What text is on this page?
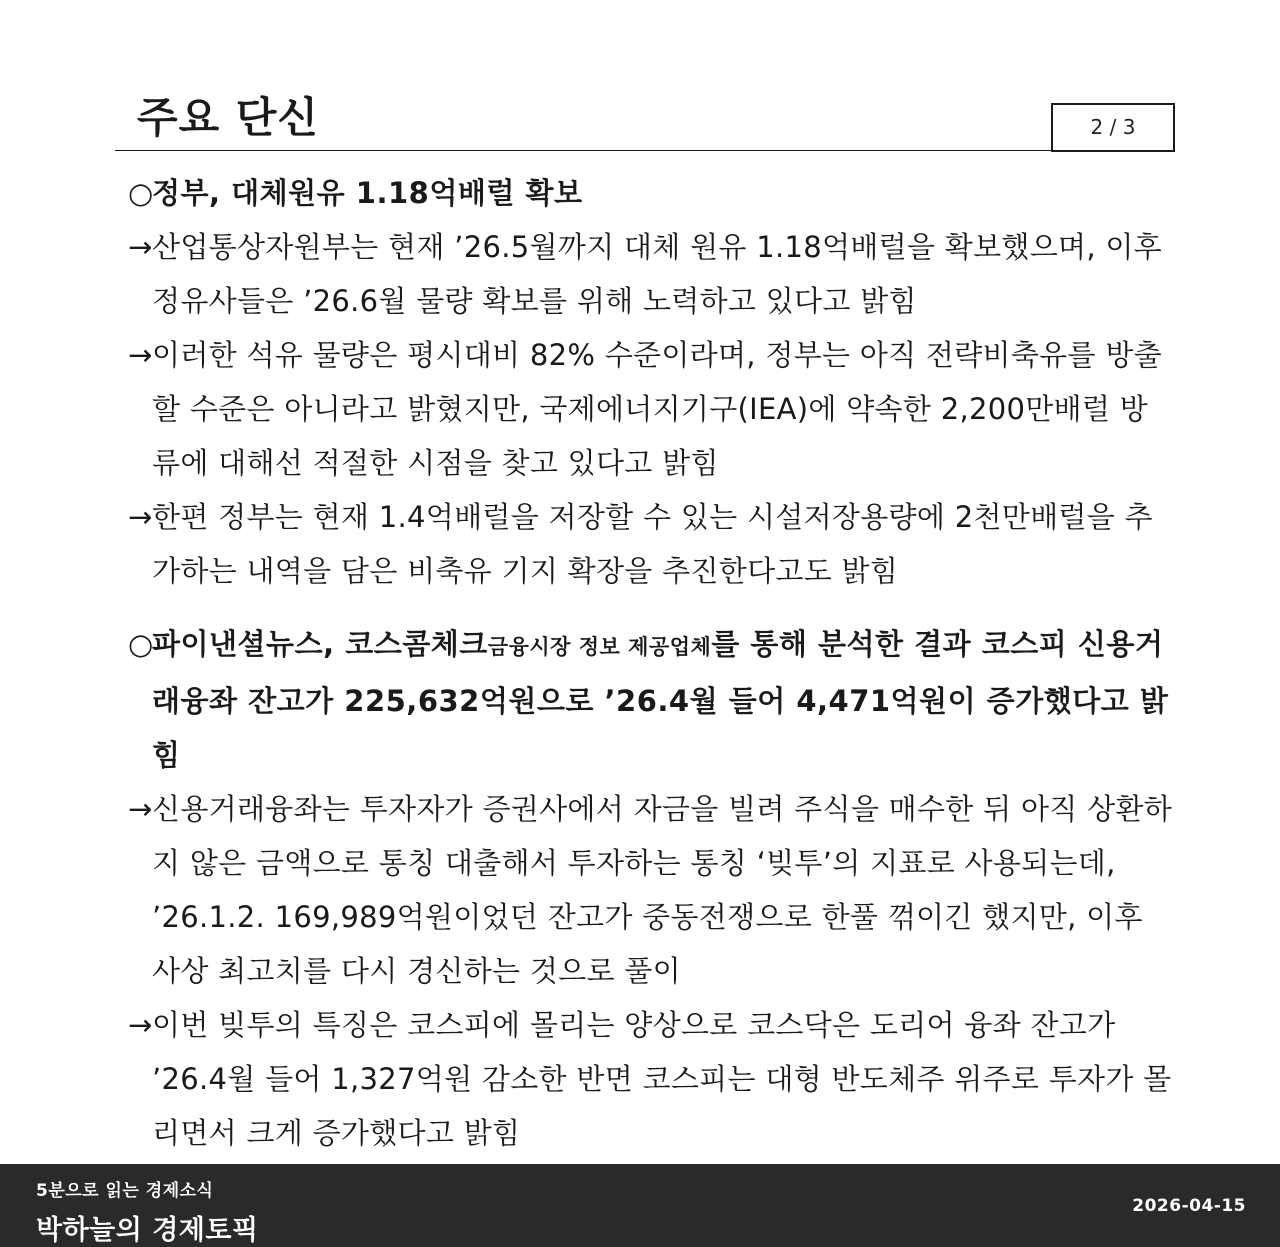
주요 단신	2 / 3
○
정부, 대체원유 1.18억배럴 확보
→ 산업통상자원부는 현재 ’26.5월까지 대체 원유 1.18억배럴을 확보했으며, 이후 정유사들은 ’26.6월 물량 확보를 위해 노력하고 있다고 밝힘
→ 이러한 석유 물량은 평시대비 82% 수준이라며, 정부는 아직 전략비축유를 방출할 수준은 아니라고 밝혔지만, 국제에너지기구(IEA)에 약속한 2,200만배럴 방류에 대해선 적절한 시점을 찾고 있다고 밝힘
→ 한편 정부는 현재 1.4억배럴을 저장할 수 있는 시설저장용량에 2천만배럴을 추가하는 내역을 담은 비축유 기지 확장을 추진한다고도 밝힘
○
파이낸셜뉴스, 코스콤체크금융시장 정보 제공업체를 통해 분석한 결과 코스피 신용거래융좌 잔고가 225,632억원으로 ’26.4월 들어 4,471억원이 증가했다고 밝힘
→ 신용거래융좌는 투자자가 증권사에서 자금을 빌려 주식을 매수한 뒤 아직 상환하지 않은 금액으로 통칭 대출해서 투자하는 통칭 ‘빚투’의 지표로 사용되는데, ’26.1.2. 169,989억원이었던 잔고가 중동전쟁으로 한풀 꺾이긴 했지만, 이후 사상 최고치를 다시 경신하는 것으로 풀이
→ 이번 빚투의 특징은 코스피에 몰리는 양상으로 코스닥은 도리어 융좌 잔고가 ’26.4월 들어 1,327억원 감소한 반면 코스피는 대형 반도체주 위주로 투자가 몰리면서 크게 증가했다고 밝힘
5분으로 읽는 경제소식
박하늘의 경제토픽
2026-04-15
